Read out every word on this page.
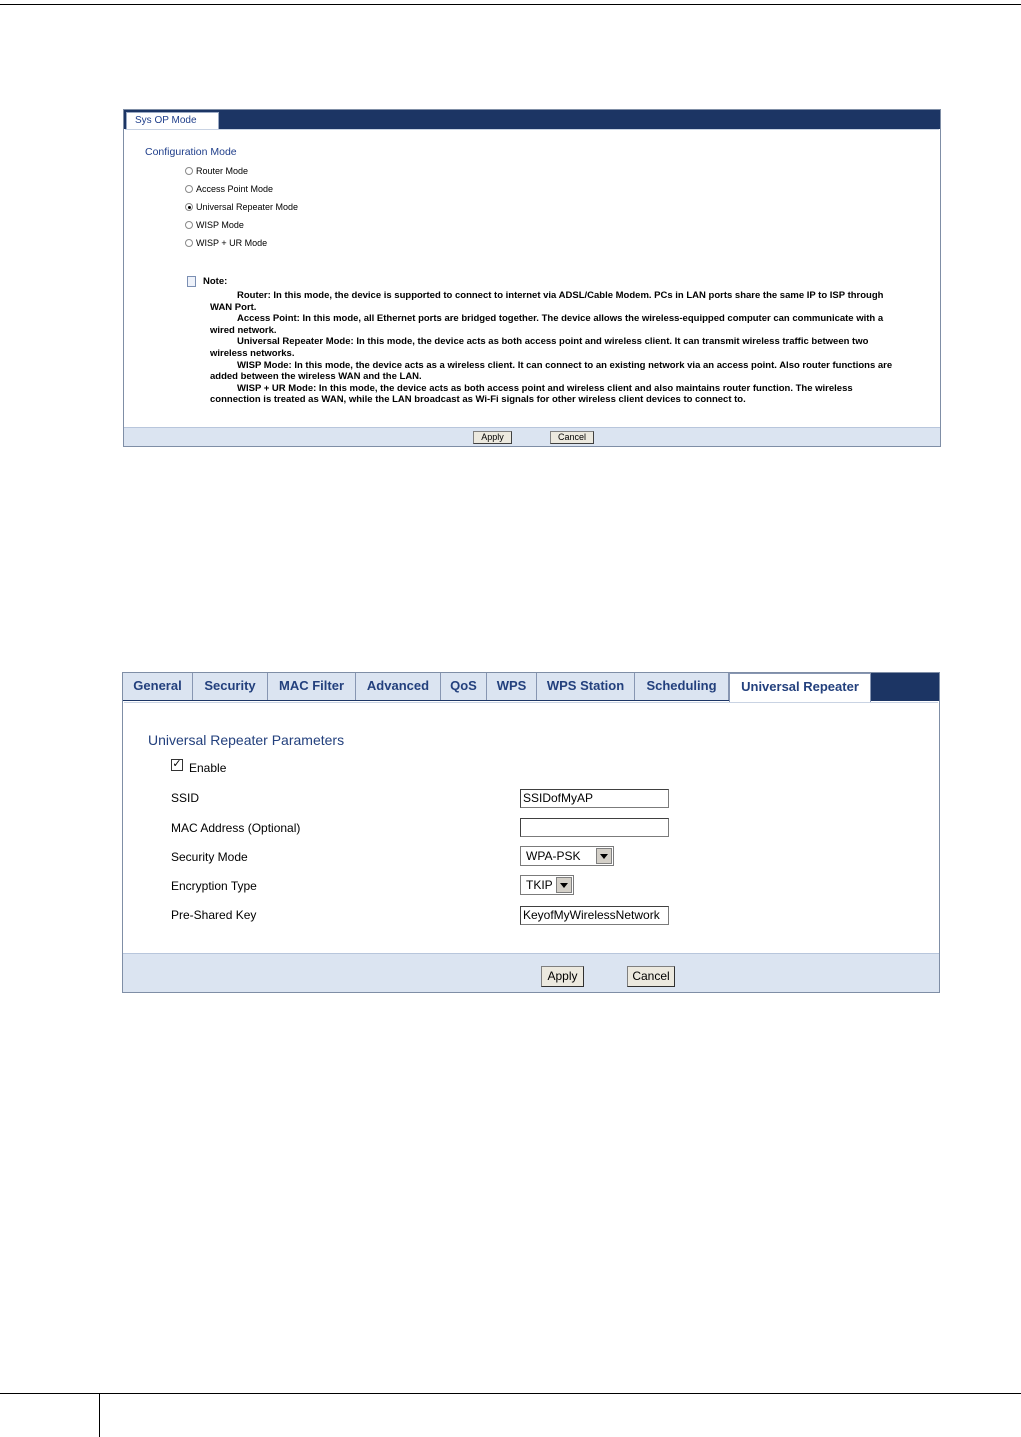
Sys OP Mode
Configuration Mode
Router Mode
Access Point Mode
Universal Repeater Mode
WISP Mode
WISP + UR Mode
Note:

Router: In this mode, the device is supported to connect to internet via ADSL/Cable Modem. PCs in LAN ports share the same IP to ISP through WAN Port.

Access Point: In this mode, all Ethernet ports are bridged together. The device allows the wireless-equipped computer can communicate with a wired network.

Universal Repeater Mode: In this mode, the device acts as both access point and wireless client. It can transmit wireless traffic between two wireless networks.

WISP Mode: In this mode, the device acts as a wireless client. It can connect to an existing network via an access point. Also router functions are added between the wireless WAN and the LAN.

WISP + UR Mode: In this mode, the device acts as both access point and wireless client and also maintains router function. The wireless connection is treated as WAN, while the LAN broadcast as Wi-Fi signals for other wireless client devices to connect to.

Apply	Cancel
General	Security	MAC Filter	Advanced	QoS	WPS	WPS Station	Scheduling	Universal Repeater
Universal Repeater Parameters
✓ Enable
SSID	SSIDofMyAP
MAC Address (Optional)
Security Mode	WPA-PSK
Encryption Type	TKIP
Pre-Shared Key	KeyofMyWirelessNetwork
Apply	Cancel
